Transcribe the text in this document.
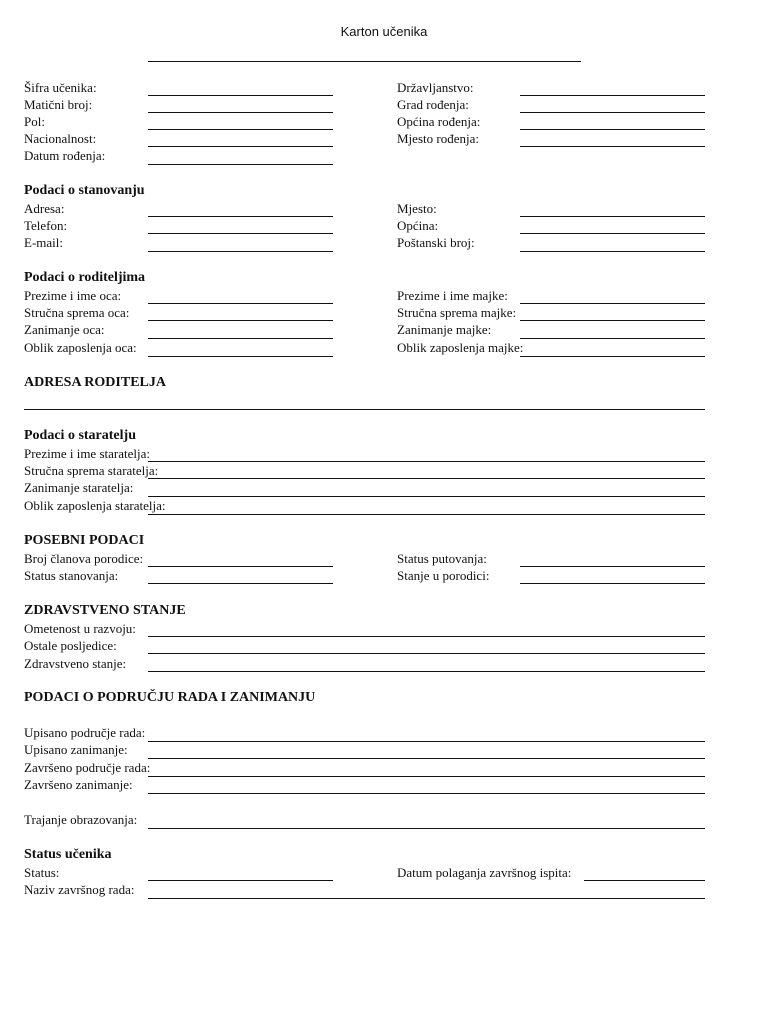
Karton učenika
Šifra učenika:
Matični broj:
Pol:
Nacionalnost:
Datum rođenja:
Državljanstvo:
Grad rođenja:
Općina rođenja:
Mjesto rođenja:
Podaci o stanovanju
Adresa:
Telefon:
E-mail:
Mjesto:
Općina:
Poštanski broj:
Podaci o roditeljima
Prezime i ime oca:
Stručna sprema oca:
Zanimanje oca:
Oblik zaposlenja oca:
Prezime i ime majke:
Stručna sprema majke:
Zanimanje majke:
Oblik zaposlenja majke:
ADRESA RODITELJA
Podaci o staratelju
Prezime i ime staratelja:
Stručna sprema staratelja:
Zanimanje staratelja:
Oblik zaposlenja staratelja:
POSEBNI PODACI
Broj članova porodice:
Status stanovanja:
Status putovanja:
Stanje u porodici:
ZDRAVSTVENO STANJE
Ometenost u razvoju:
Ostale posljedice:
Zdravstveno stanje:
PODACI O PODRUČJU RADA I ZANIMANJU
Upisano područje rada:
Upisano zanimanje:
Završeno područje rada:
Završeno zanimanje:
Trajanje obrazovanja:
Status učenika
Status:	Datum polaganja završnog ispita:
Naziv završnog rada:
